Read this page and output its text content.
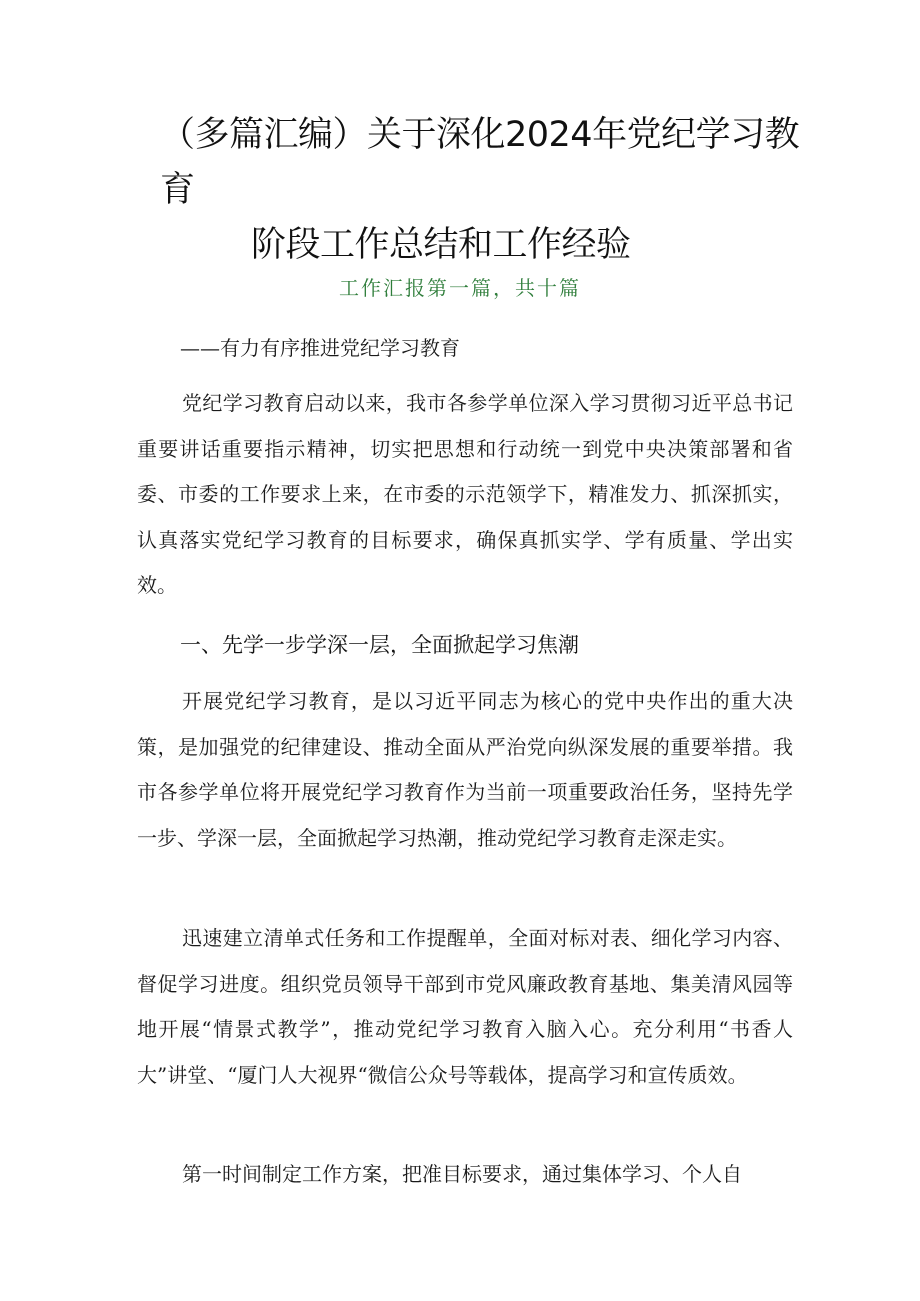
（多篇汇编）关于深化2024年党纪学习教育
阶段工作总结和工作经验
工作汇报第一篇，共十篇
——有力有序推进党纪学习教育

党纪学习教育启动以来，我市各参学单位深入学习贯彻习近平总书记重要讲话重要指示精神，切实把思想和行动统一到党中央决策部署和省委、市委的工作要求上来，在市委的示范领学下，精准发力、抓深抓实，认真落实党纪学习教育的目标要求，确保真抓实学、学有质量、学出实效。

一、先学一步学深一层，全面掀起学习焦潮

开展党纪学习教育，是以习近平同志为核心的党中央作出的重大决策，是加强党的纪律建设、推动全面从严治党向纵深发展的重要举措。我市各参学单位将开展党纪学习教育作为当前一项重要政治任务，坚持先学一步、学深一层，全面掀起学习热潮，推动党纪学习教育走深走实。

迅速建立清单式任务和工作提醒单，全面对标对表、细化学习内容、督促学习进度。组织党员领导干部到市党风廉政教育基地、集美清风园等地开展“情景式教学”，推动党纪学习教育入脑入心。充分利用“书香人大”讲堂、“厦门人大视界“微信公众号等载体，提高学习和宣传质效。

第一时间制定工作方案，把准目标要求，通过集体学习、个人自
